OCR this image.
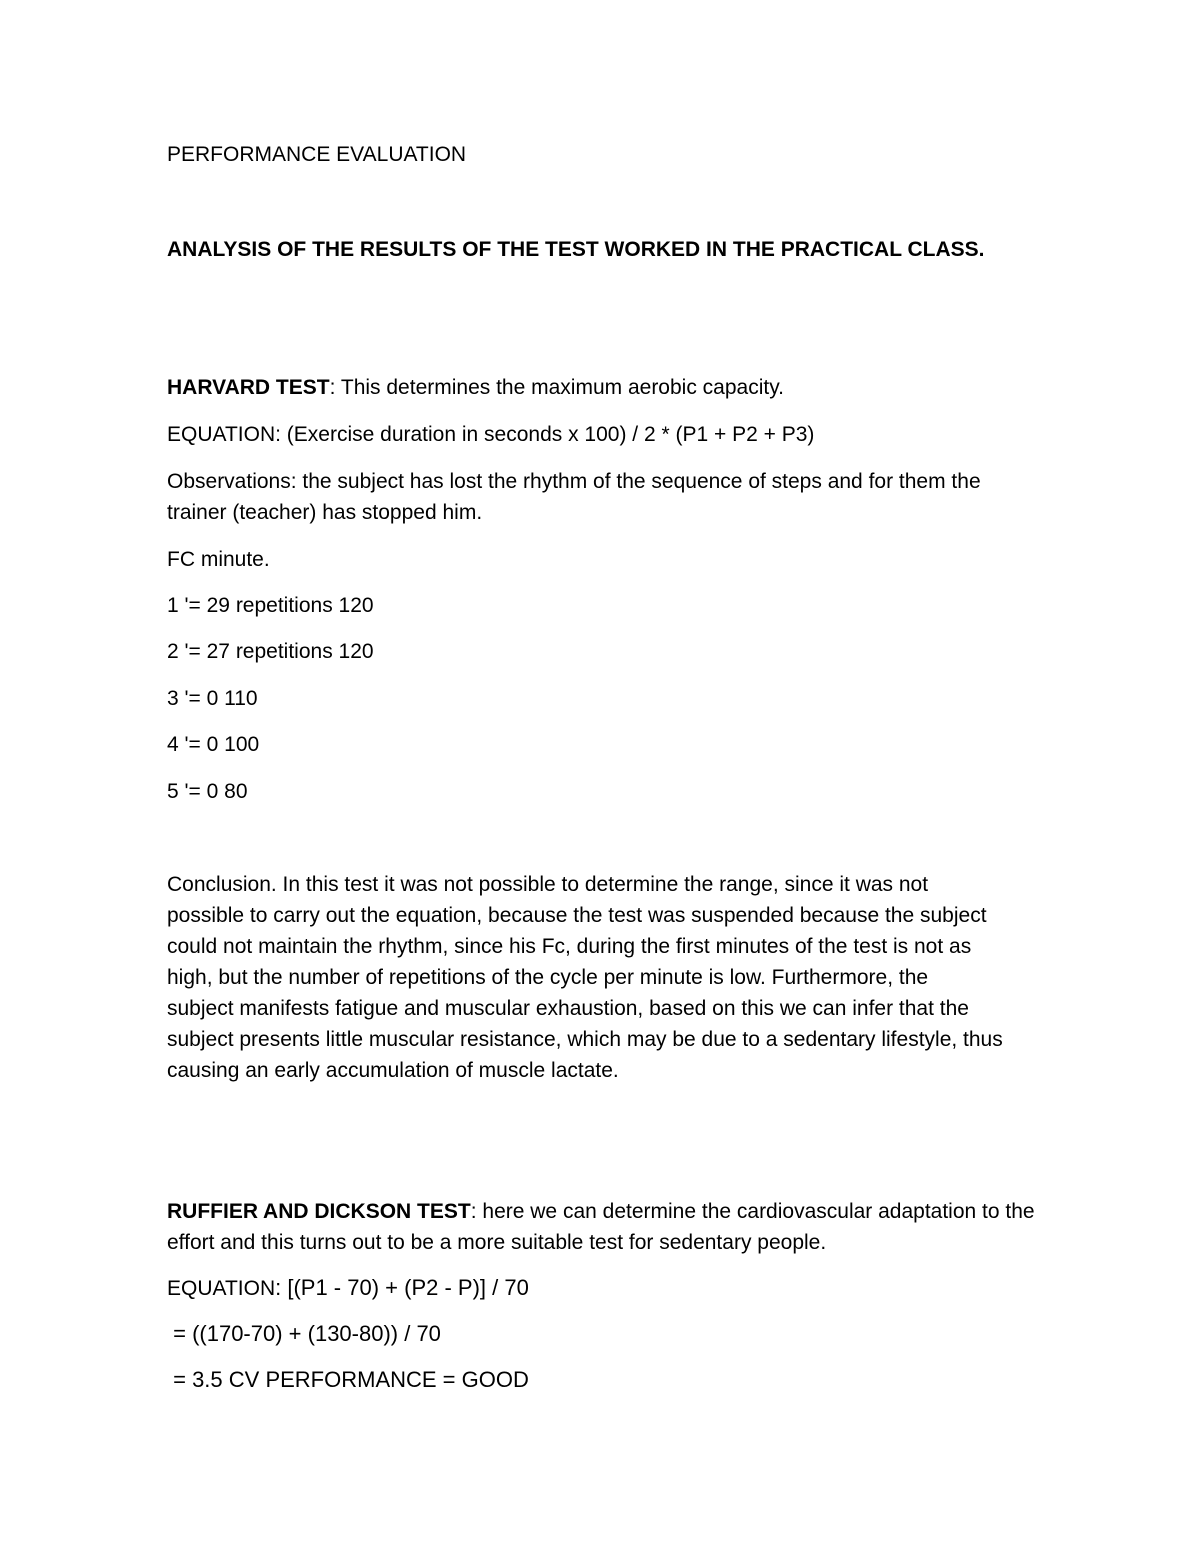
PERFORMANCE EVALUATION
ANALYSIS OF THE RESULTS OF THE TEST WORKED IN THE PRACTICAL CLASS.
HARVARD TEST: This determines the maximum aerobic capacity.
EQUATION: (Exercise duration in seconds x 100) / 2 * (P1 + P2 + P3)
Observations: the subject has lost the rhythm of the sequence of steps and for them the
trainer (teacher) has stopped him.
FC minute.
1 '= 29 repetitions 120
2 '= 27 repetitions 120
3 '= 0 110
4 '= 0 100
5 '= 0 80
Conclusion. In this test it was not possible to determine the range, since it was not
possible to carry out the equation, because the test was suspended because the subject
could not maintain the rhythm, since his Fc, during the first minutes of the test is not as
high, but the number of repetitions of the cycle per minute is low. Furthermore, the
subject manifests fatigue and muscular exhaustion, based on this we can infer that the
subject presents little muscular resistance, which may be due to a sedentary lifestyle, thus
causing an early accumulation of muscle lactate.
RUFFIER AND DICKSON TEST: here we can determine the cardiovascular adaptation to the
effort and this turns out to be a more suitable test for sedentary people.
EQUATION: [(P1 - 70) + (P2 - P)] / 70
= ((170-70) + (130-80)) / 70
= 3.5 CV PERFORMANCE = GOOD
